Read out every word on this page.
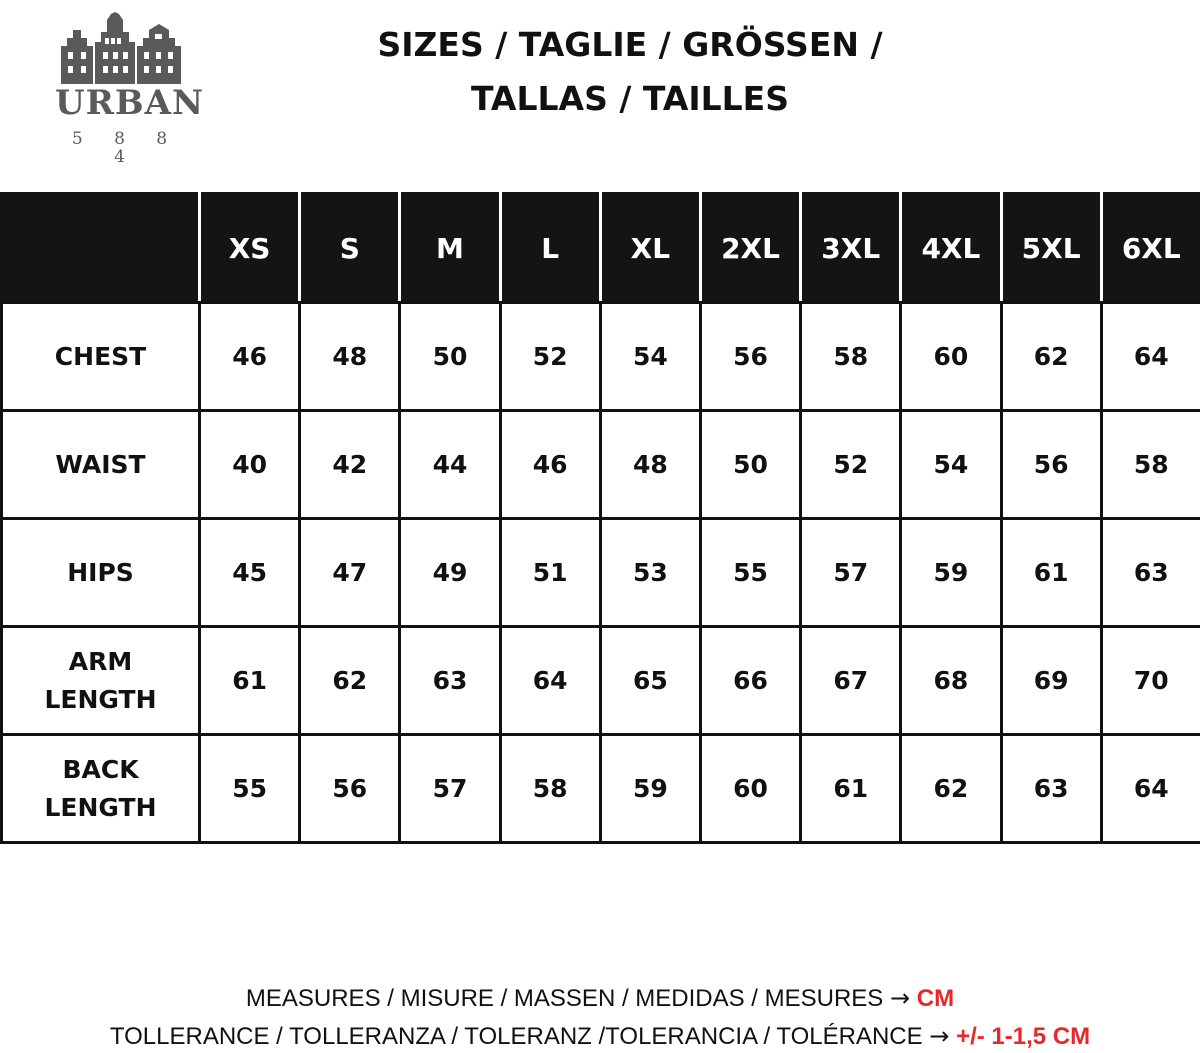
URBAN
5 8 8 4
SIZES / TAGLIE / GRÖSSEN /
TALLAS / TAILLES
	XS	S	M	L	XL	2XL	3XL	4XL	5XL	6XL

CHEST	46	48	50	52	54	56	58	60	62	64

WAIST	40	42	44	46	48	50	52	54	56	58

HIPS	45	47	49	51	53	55	57	59	61	63

ARM
LENGTH	61	62	63	64	65	66	67	68	69	70

BACK
LENGTH	55	56	57	58	59	60	61	62	63	64
MEASURES / MISURE / MASSEN / MEDIDAS / MESURES → CM
TOLLERANCE / TOLLERANZA / TOLERANZ /TOLERANCIA / TOLÉRANCE → +/- 1-1,5 CM
